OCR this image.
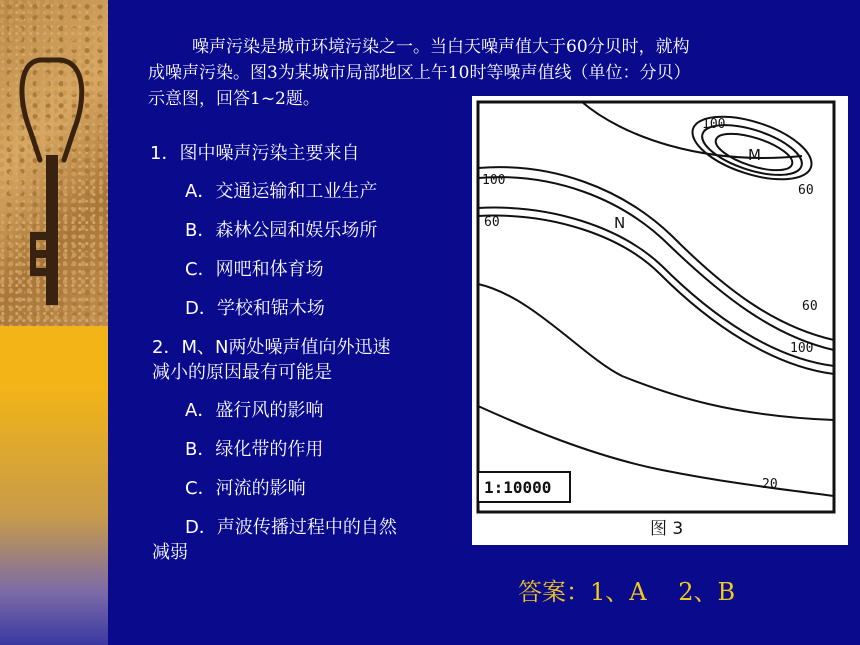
噪声污染是城市环境污染之一。当白天噪声值大于60分贝时，就构
成噪声污染。图3为某城市局部地区上午10时等噪声值线（单位：分贝）
示意图，回答1~2题。
1．图中噪声污染主要来自
A．交通运输和工业生产
B．森林公园和娱乐场所
C．网吧和体育场
D．学校和锯木场
2．M、N两处噪声值向外迅速
减小的原因最有可能是
A．盛行风的影响
B．绿化带的作用
C．河流的影响
D．声波传播过程中的自然
减弱
100
M
60
100
60	N
60
100
20
1:10000
图 3
答案：1、A　 2、B
